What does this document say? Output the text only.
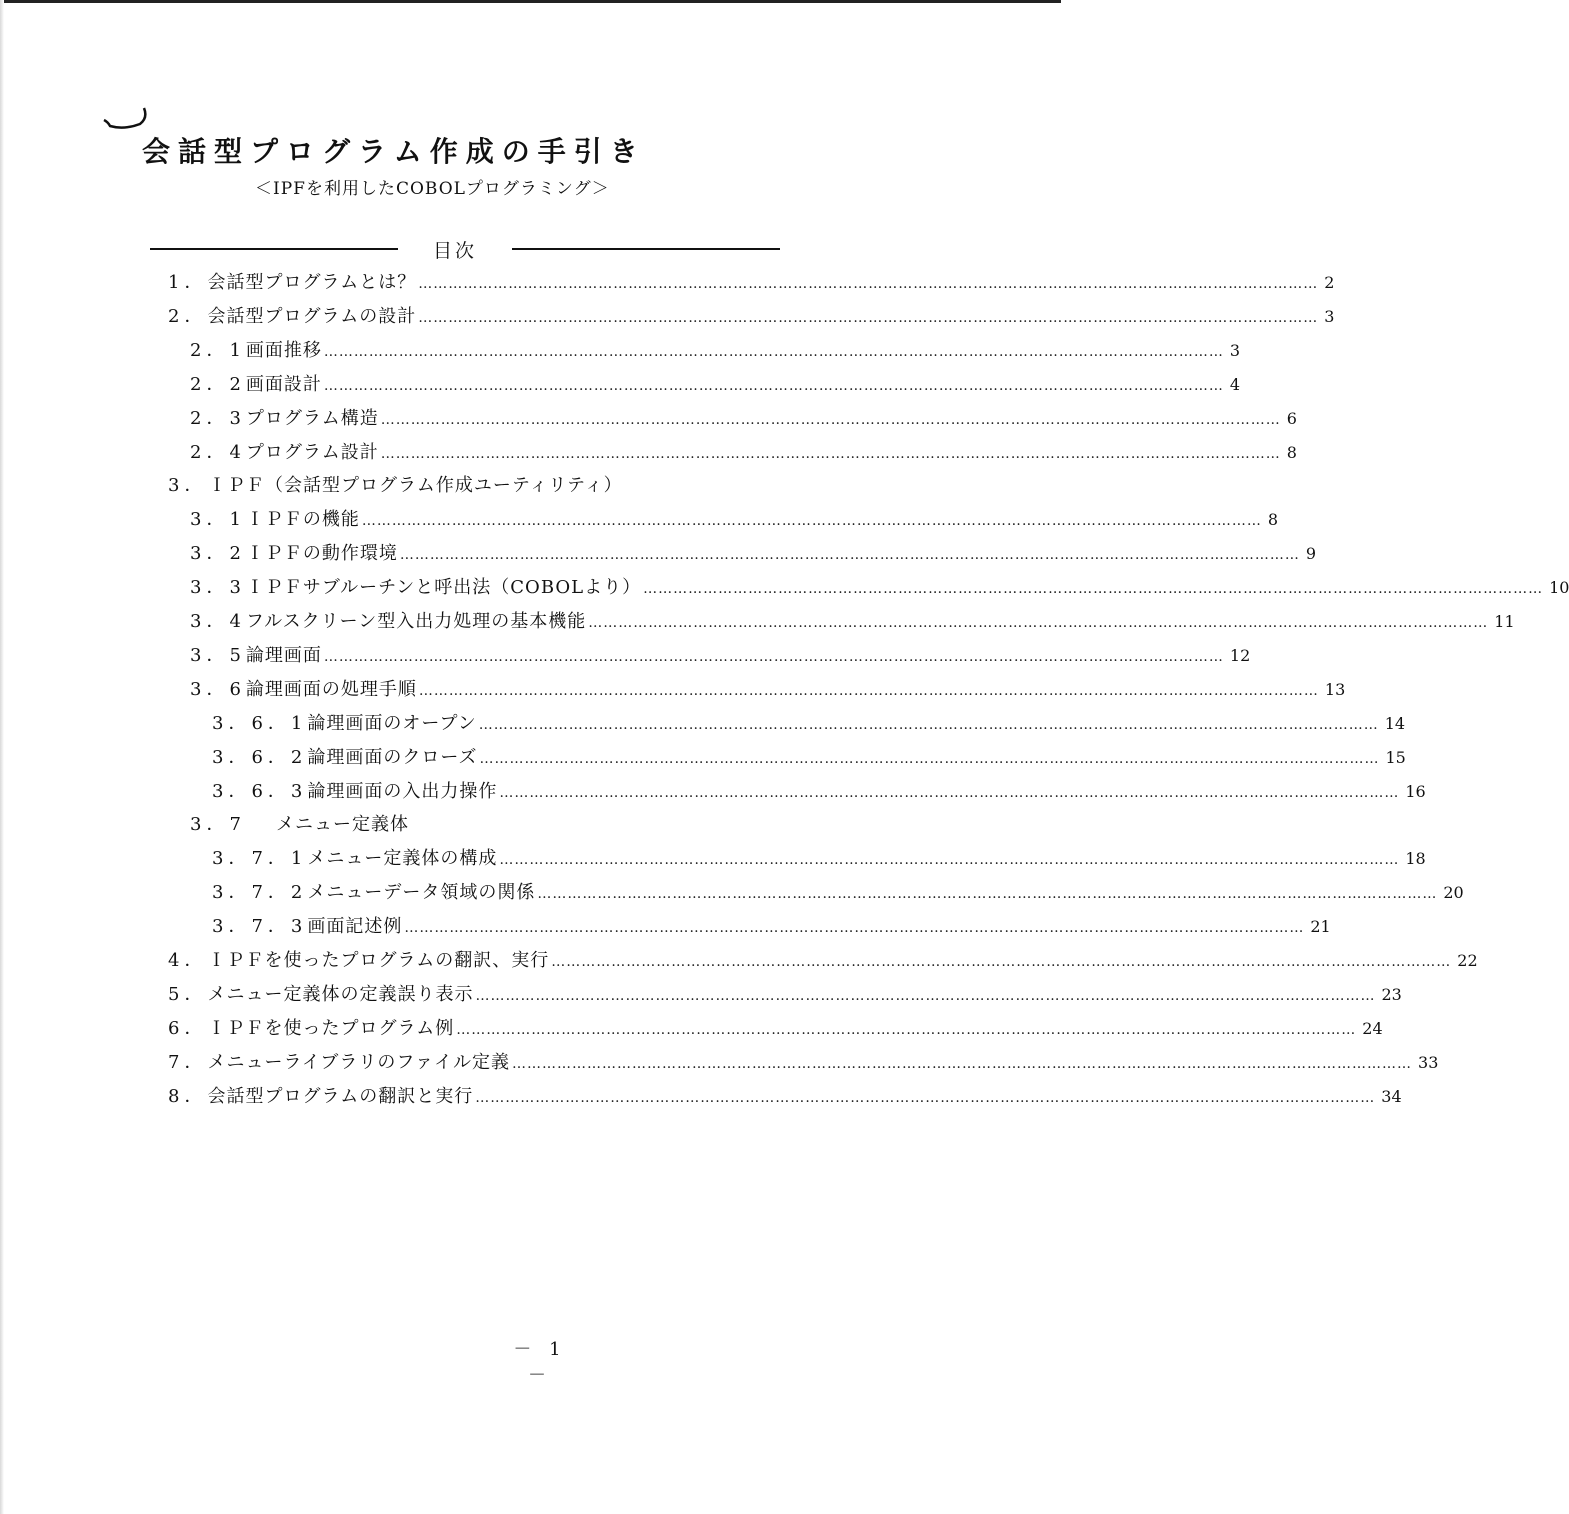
会話型プログラム作成の手引き
＜IPFを利用したCOBOLプログラミング＞
目次
1． 会話型プログラムとは？ ……………………………………………………………………………………………………………………………………………………………… 2
2． 会話型プログラムの設計 ……………………………………………………………………………………………………………………………………………………………… 3
2．1 画面推移 ……………………………………………………………………………………………………………………………………………………………… 3
2．2 画面設計 ……………………………………………………………………………………………………………………………………………………………… 4
2．3 プログラム構造 ……………………………………………………………………………………………………………………………………………………………… 6
2．4 プログラム設計 ……………………………………………………………………………………………………………………………………………………………… 8
3． ＩＰＦ（会話型プログラム作成ユーティリティ）
3．1 ＩＰＦの機能 ……………………………………………………………………………………………………………………………………………………………… 8
3．2 ＩＰＦの動作環境 ……………………………………………………………………………………………………………………………………………………………… 9
3．3 ＩＰＦサブルーチンと呼出法（COBOLより） ……………………………………………………………………………………………………………………………………………………………… 10
3．4 フルスクリーン型入出力処理の基本機能 ……………………………………………………………………………………………………………………………………………………………… 11
3．5 論理画面 ……………………………………………………………………………………………………………………………………………………………… 12
3．6 論理画面の処理手順 ……………………………………………………………………………………………………………………………………………………………… 13
3．6．1 論理画面のオープン ……………………………………………………………………………………………………………………………………………………………… 14
3．6．2 論理画面のクローズ ……………………………………………………………………………………………………………………………………………………………… 15
3．6．3 論理画面の入出力操作 ……………………………………………………………………………………………………………………………………………………………… 16
3．7	メニュー定義体
3．7．1 メニュー定義体の構成 ……………………………………………………………………………………………………………………………………………………………… 18
3．7．2 メニューデータ領域の関係 ……………………………………………………………………………………………………………………………………………………………… 20
3．7．3 画面記述例 ……………………………………………………………………………………………………………………………………………………………… 21
4． ＩＰＦを使ったプログラムの翻訳、実行 ……………………………………………………………………………………………………………………………………………………………… 22
5． メニュー定義体の定義誤り表示 ……………………………………………………………………………………………………………………………………………………………… 23
6． ＩＰＦを使ったプログラム例 ……………………………………………………………………………………………………………………………………………………………… 24
7． メニューライブラリのファイル定義 ……………………………………………………………………………………………………………………………………………………………… 33
8． 会話型プログラムの翻訳と実行 ……………………………………………………………………………………………………………………………………………………………… 34
－ 1 －
